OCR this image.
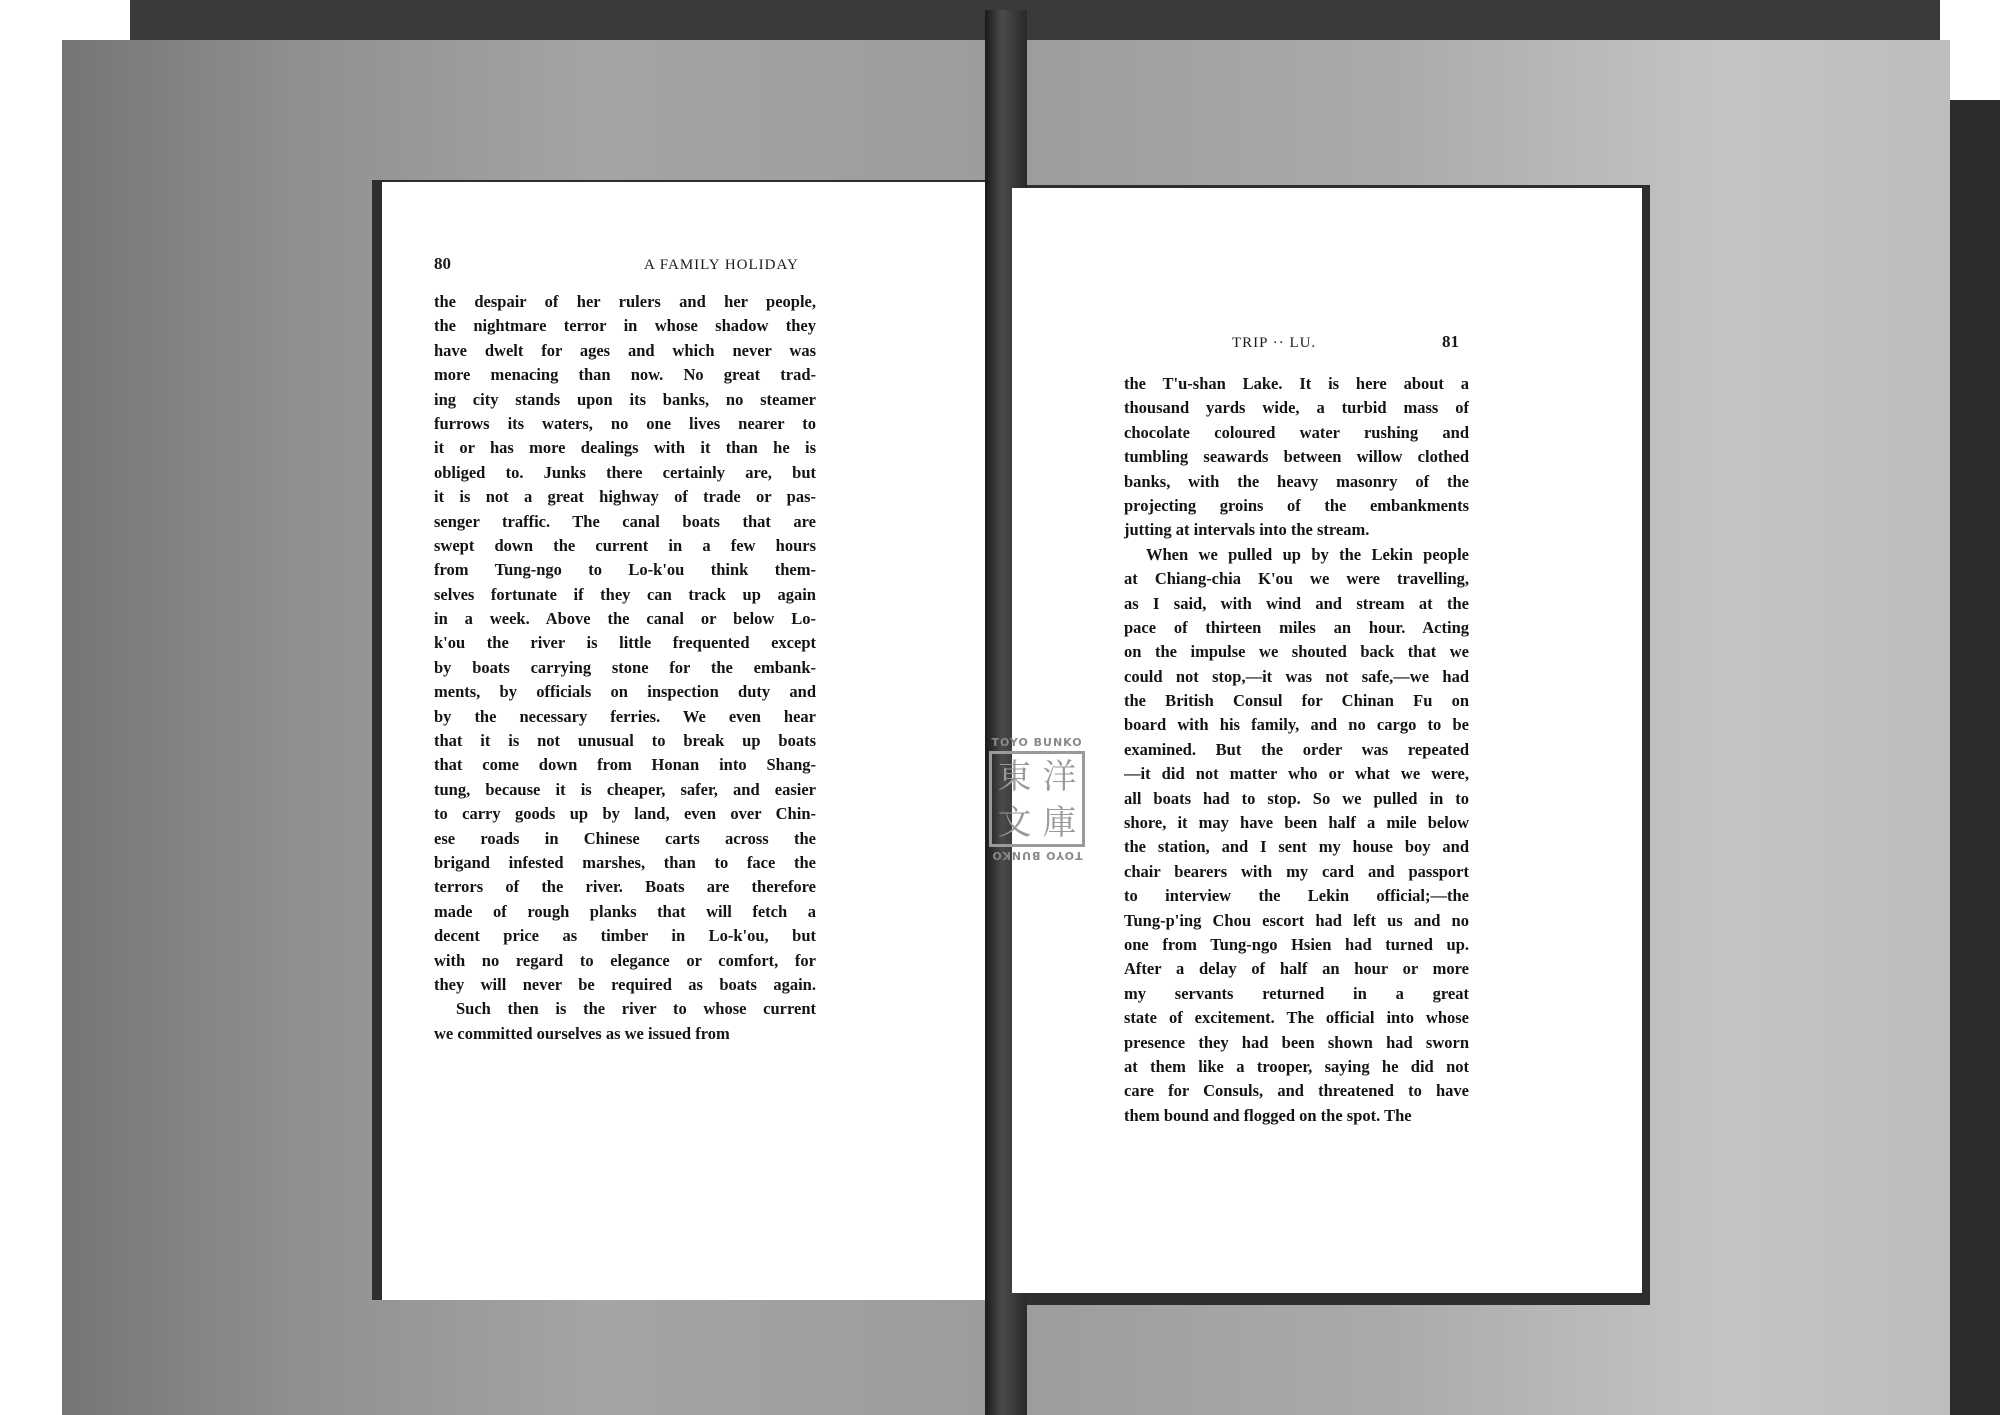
80	A FAMILY HOLIDAY
the despair of her rulers and her people,
the nightmare terror in whose shadow they
have dwelt for ages and which never was
more menacing than now. No great trad-
ing city stands upon its banks, no steamer
furrows its waters, no one lives nearer to
it or has more dealings with it than he is
obliged to. Junks there certainly are, but
it is not a great highway of trade or pas-
senger traffic. The canal boats that are
swept down the current in a few hours
from Tung-ngo to Lo-k'ou think them-
selves fortunate if they can track up again
in a week. Above the canal or below Lo-
k'ou the river is little frequented except
by boats carrying stone for the embank-
ments, by officials on inspection duty and
by the necessary ferries. We even hear
that it is not unusual to break up boats
that come down from Honan into Shang-
tung, because it is cheaper, safer, and easier
to carry goods up by land, even over Chin-
ese roads in Chinese carts across the
brigand infested marshes, than to face the
terrors of the river. Boats are therefore
made of rough planks that will fetch a
decent price as timber in Lo-k'ou, but
with no regard to elegance or comfort, for
they will never be required as boats again.
Such then is the river to whose current
we committed ourselves as we issued from
TRIP ·· LU.	81
the T'u-shan Lake. It is here about a
thousand yards wide, a turbid mass of
chocolate coloured water rushing and
tumbling seawards between willow clothed
banks, with the heavy masonry of the
projecting groins of the embankments
jutting at intervals into the stream.
When we pulled up by the Lekin people
at Chiang-chia K'ou we were travelling,
as I said, with wind and stream at the
pace of thirteen miles an hour. Acting
on the impulse we shouted back that we
could not stop,—it was not safe,—we had
the British Consul for Chinan Fu on
board with his family, and no cargo to be
examined. But the order was repeated
—it did not matter who or what we were,
all boats had to stop. So we pulled in to
shore, it may have been half a mile below
the station, and I sent my house boy and
chair bearers with my card and passport
to interview the Lekin official;—the
Tung-p'ing Chou escort had left us and no
one from Tung-ngo Hsien had turned up.
After a delay of half an hour or more
my servants returned in a great
state of excitement. The official into whose
presence they had been shown had sworn
at them like a trooper, saying he did not
care for Consuls, and threatened to have
them bound and flogged on the spot. The
TOYO BUNKO
東 洋
文 庫
TOYO BUNKO
